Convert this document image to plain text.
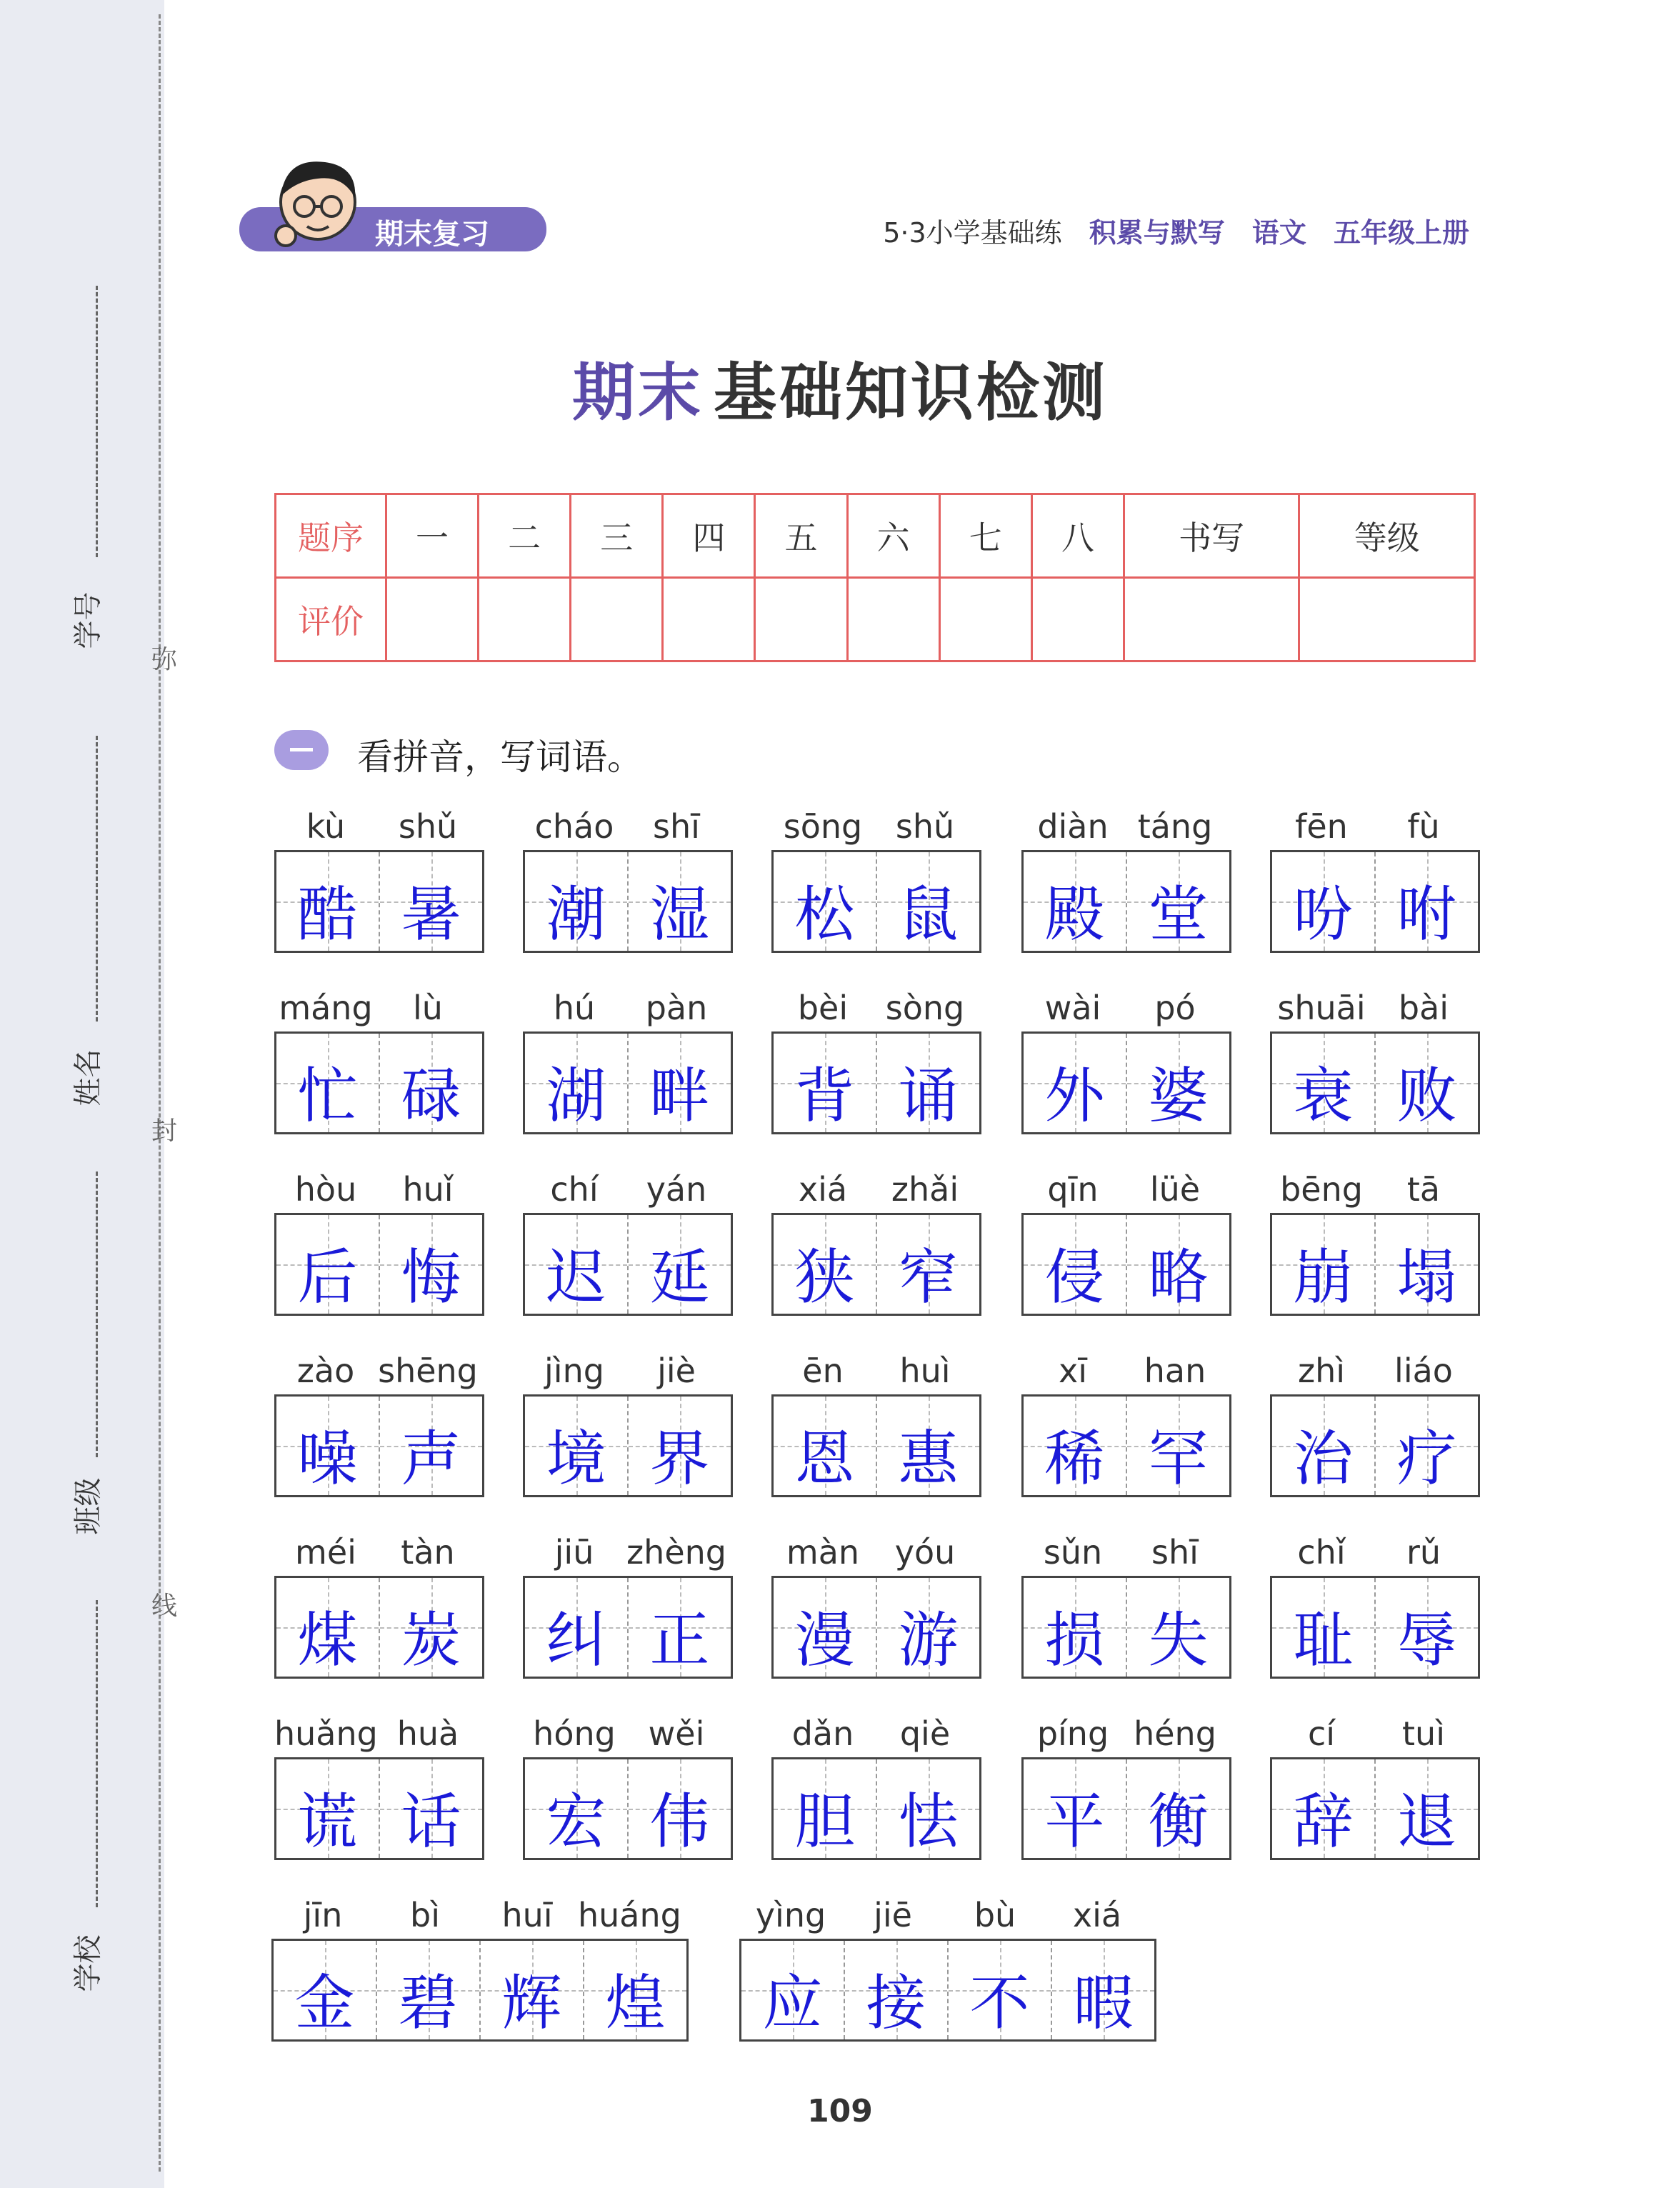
学号
姓名
班级
学校
弥
封
线
期末复习	5·3小学基础练 积累与默写 语文 五年级上册
期末 基础知识检测
题序	一	二	三	四	五	六	七	八	书写	等级
评价										
看拼音，写词语。
kù	shǔ
酷 暑
cháo	shī
潮 湿
sōng	shǔ
松 鼠
diàn táng
殿 堂
fēn	fù
吩 咐
máng	lù
忙 碌
hú	pàn
湖 畔
bèi	sòng
背 诵
wài	pó
外 婆
shuāi	bài
衰 败
hòu	huǐ
后 悔
chí	yán
迟 延
xiá	zhǎi
狭 窄
qīn	lüè
侵 略
bēng	tā
崩 塌
zào shēng
噪 声
jìng	jiè
境 界
ēn	huì
恩 惠
xī	han
稀 罕
zhì	liáo
治 疗
méi	tàn
煤 炭
jiū zhèng
纠 正
màn	yóu
漫 游
sǔn	shī
损 失
chǐ	rǔ
耻 辱
huǎng huà
谎 话
hóng wěi
宏 伟
dǎn	qiè
胆 怯
píng héng
平 衡
cí	tuì
辞 退
jīn	bì	huī huáng
金 碧 辉 煌
yìng	jiē	bù	xiá
应 接 不 暇
109
